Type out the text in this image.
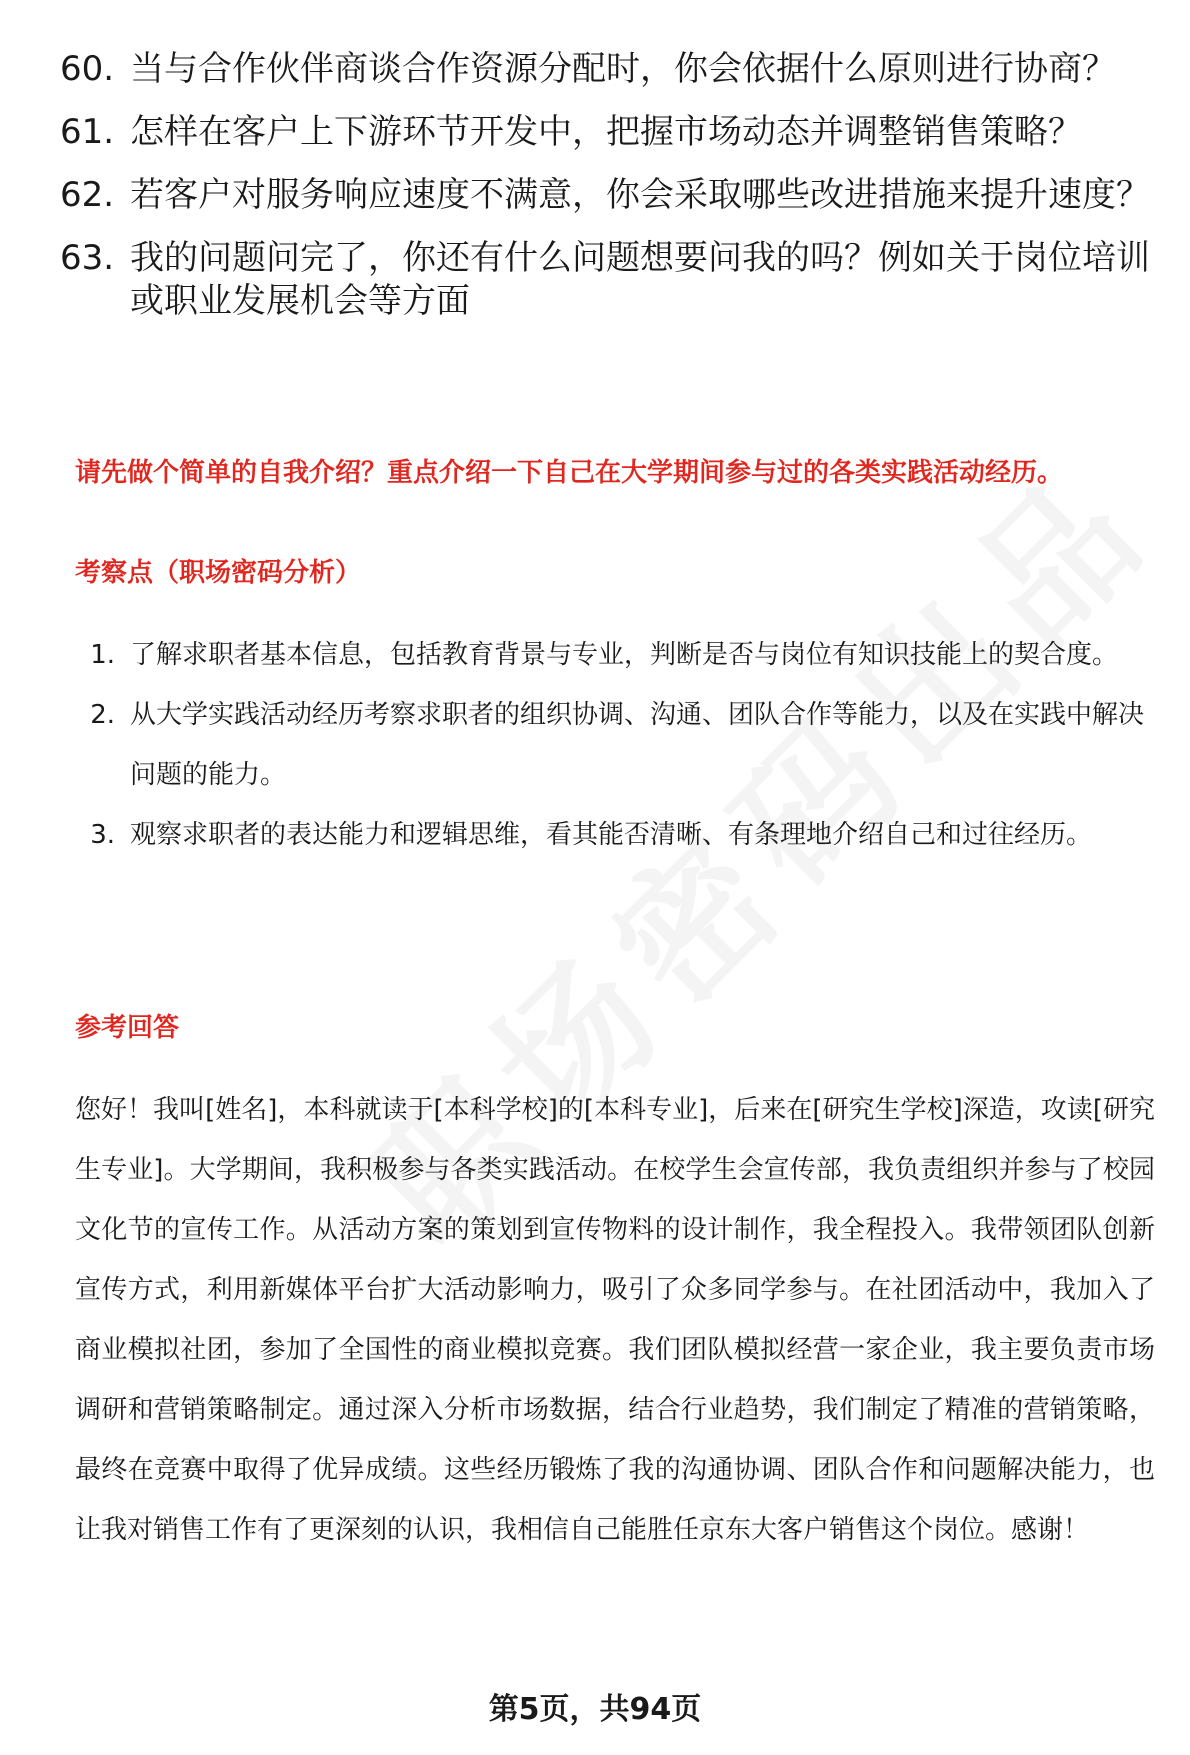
60. 当与合作伙伴商谈合作资源分配时，你会依据什么原则进行协商？
61. 怎样在客户上下游环节开发中，把握市场动态并调整销售策略？
62. 若客户对服务响应速度不满意，你会采取哪些改进措施来提升速度？
63. 我的问题问完了，你还有什么问题想要问我的吗？例如关于岗位培训或职业发展机会等方面

请先做个简单的自我介绍？重点介绍一下自己在大学期间参与过的各类实践活动经历。

考察点（职场密码分析）

1. 了解求职者基本信息，包括教育背景与专业，判断是否与岗位有知识技能上的契合度。
2. 从大学实践活动经历考察求职者的组织协调、沟通、团队合作等能力，以及在实践中解决问题的能力。
3. 观察求职者的表达能力和逻辑思维，看其能否清晰、有条理地介绍自己和过往经历。

参考回答

您好！我叫[姓名]，本科就读于[本科学校]的[本科专业]，后来在[研究生学校]深造，攻读[研究生专业]。大学期间，我积极参与各类实践活动。在校学生会宣传部，我负责组织并参与了校园文化节的宣传工作。从活动方案的策划到宣传物料的设计制作，我全程投入。我带领团队创新宣传方式，利用新媒体平台扩大活动影响力，吸引了众多同学参与。在社团活动中，我加入了商业模拟社团，参加了全国性的商业模拟竞赛。我们团队模拟经营一家企业，我主要负责市场调研和营销策略制定。通过深入分析市场数据，结合行业趋势，我们制定了精准的营销策略，最终在竞赛中取得了优异成绩。这些经历锻炼了我的沟通协调、团队合作和问题解决能力，也让我对销售工作有了更深刻的认识，我相信自己能胜任京东大客户销售这个岗位。感谢！

第5页，共94页
